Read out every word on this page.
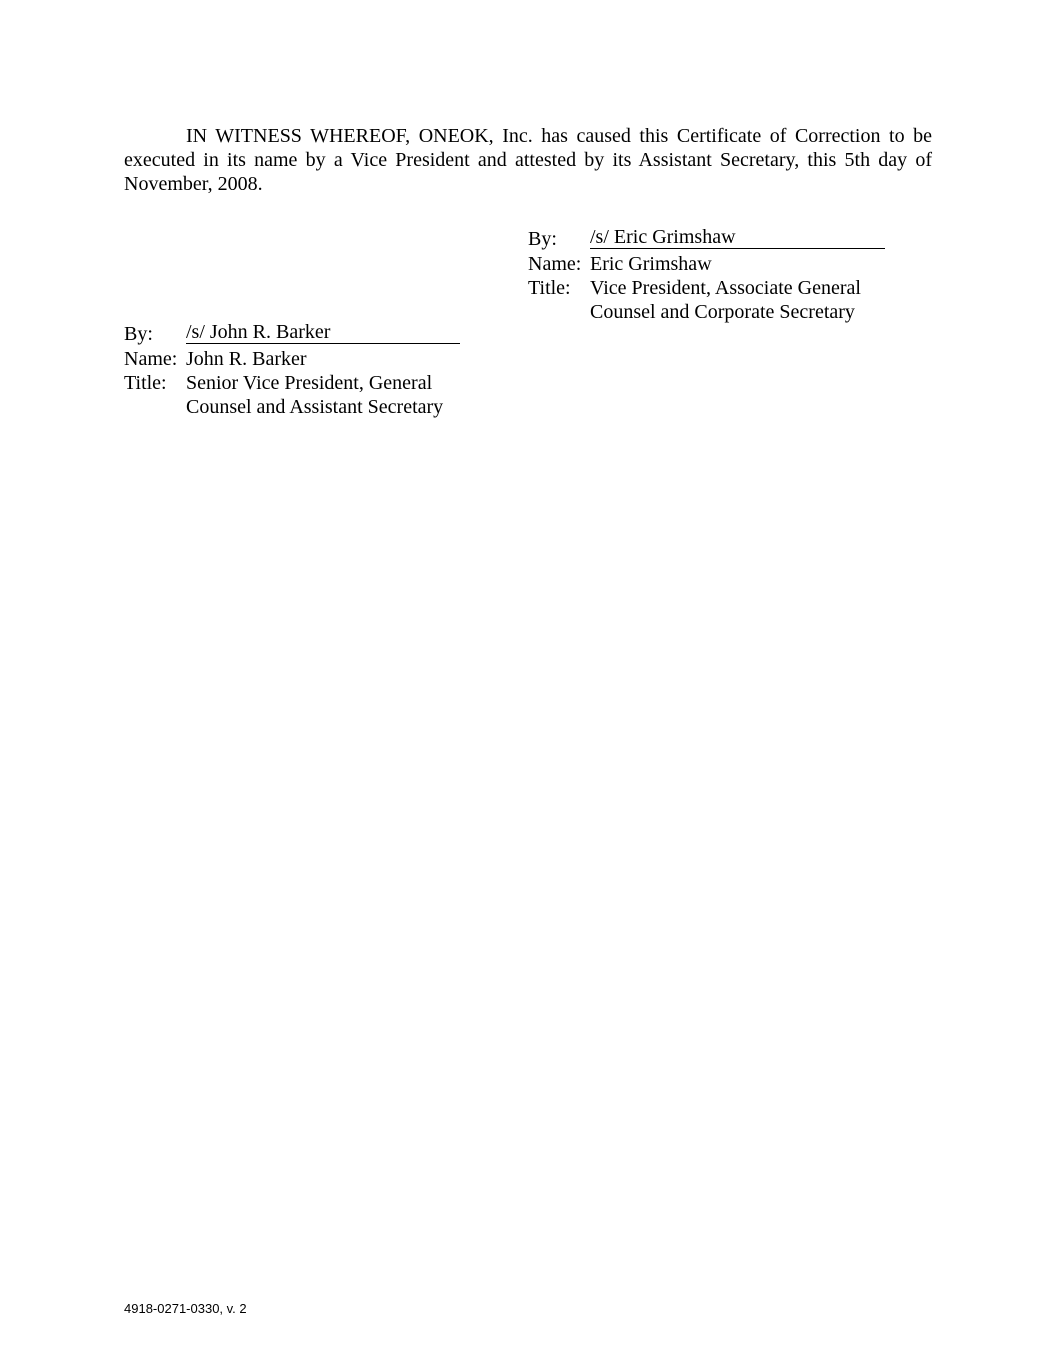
IN WITNESS WHEREOF, ONEOK, Inc. has caused this Certificate of Correction to be executed in its name by a Vice President and attested by its Assistant Secretary, this 5th day of November, 2008.

By:	/s/ Eric Grimshaw
Name: Eric Grimshaw
Title: Vice President, Associate General
Counsel and Corporate Secretary
By:	/s/ John R. Barker
Name: John R. Barker
Title: Senior Vice President, General
Counsel and Assistant Secretary
4918-0271-0330, v. 2
